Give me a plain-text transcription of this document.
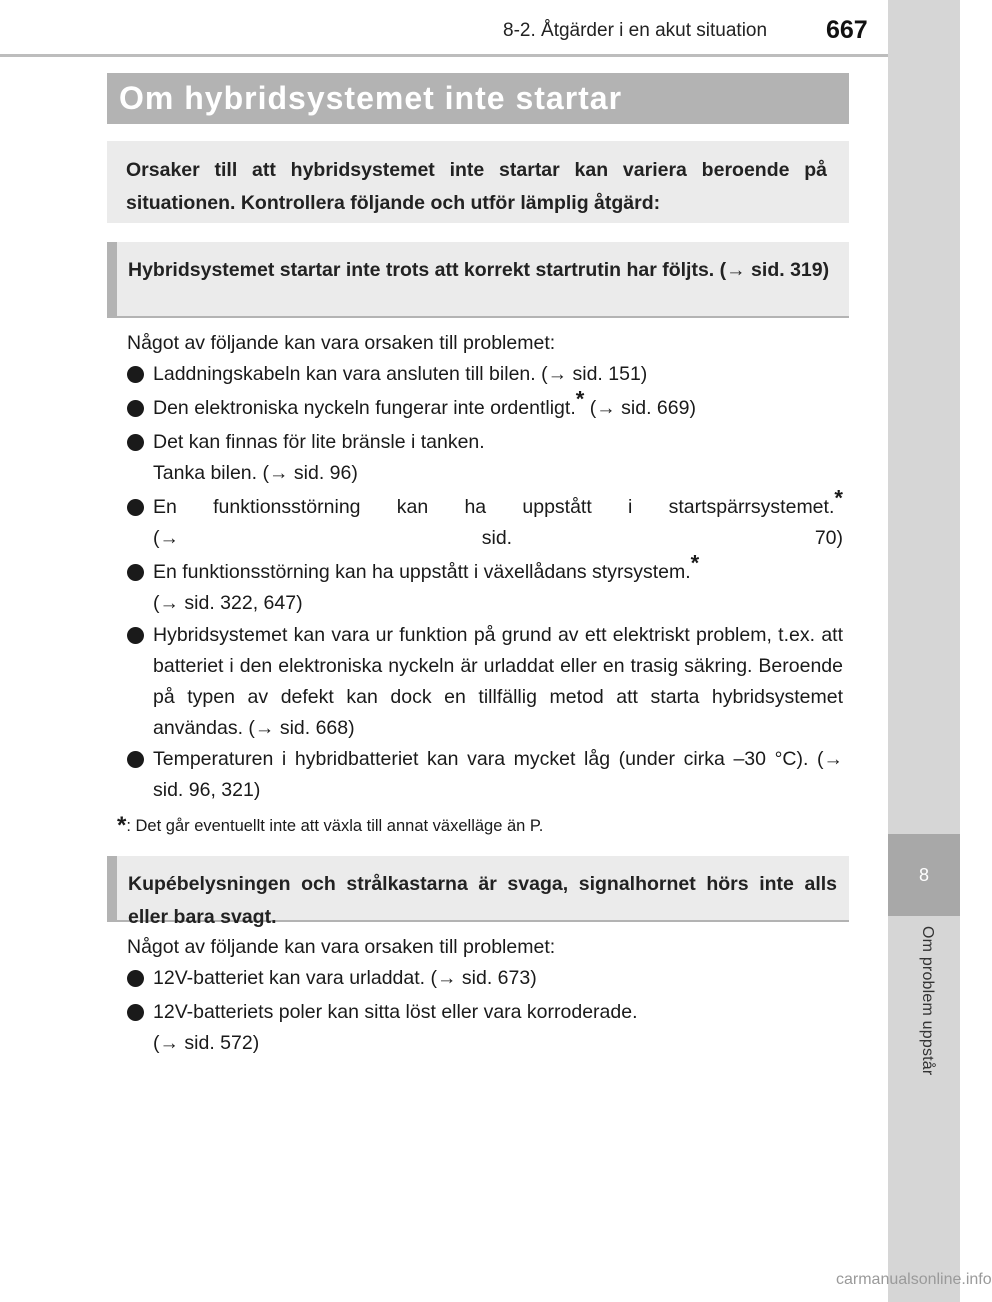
8
Om problem uppstår
8-2. Åtgärder i en akut situation 667
Om hybridsystemet inte startar
Orsaker till att hybridsystemet inte startar kan variera beroende på situationen. Kontrollera följande och utför lämplig åtgärd:
Hybridsystemet startar inte trots att korrekt startrutin har följts. (→ sid. 319)
Något av följande kan vara orsaken till problemet:
Laddningskabeln kan vara ansluten till bilen. (→ sid. 151)
Den elektroniska nyckeln fungerar inte ordentligt.* (→ sid. 669)
Det kan finnas för lite bränsle i tanken.
Tanka bilen. (→ sid. 96)
En funktionsstörning kan ha uppstått i startspärrsystemet.*
(→ sid. 70)
En funktionsstörning kan ha uppstått i växellådans styrsystem.*
(→ sid. 322, 647)
Hybridsystemet kan vara ur funktion på grund av ett elektriskt problem, t.ex. att batteriet i den elektroniska nyckeln är urladdat eller en trasig säkring. Beroende på typen av defekt kan dock en tillfällig metod att starta hybridsystemet användas. (→ sid. 668)
Temperaturen i hybridbatteriet kan vara mycket låg (under cirka –30 °C). (→ sid. 96, 321)
*: Det går eventuellt inte att växla till annat växelläge än P.
Kupébelysningen och strålkastarna är svaga, signalhornet hörs inte alls eller bara svagt.
Något av följande kan vara orsaken till problemet:
12V-batteriet kan vara urladdat. (→ sid. 673)
12V-batteriets poler kan sitta löst eller vara korroderade.
(→ sid. 572)
carmanualsonline.info
